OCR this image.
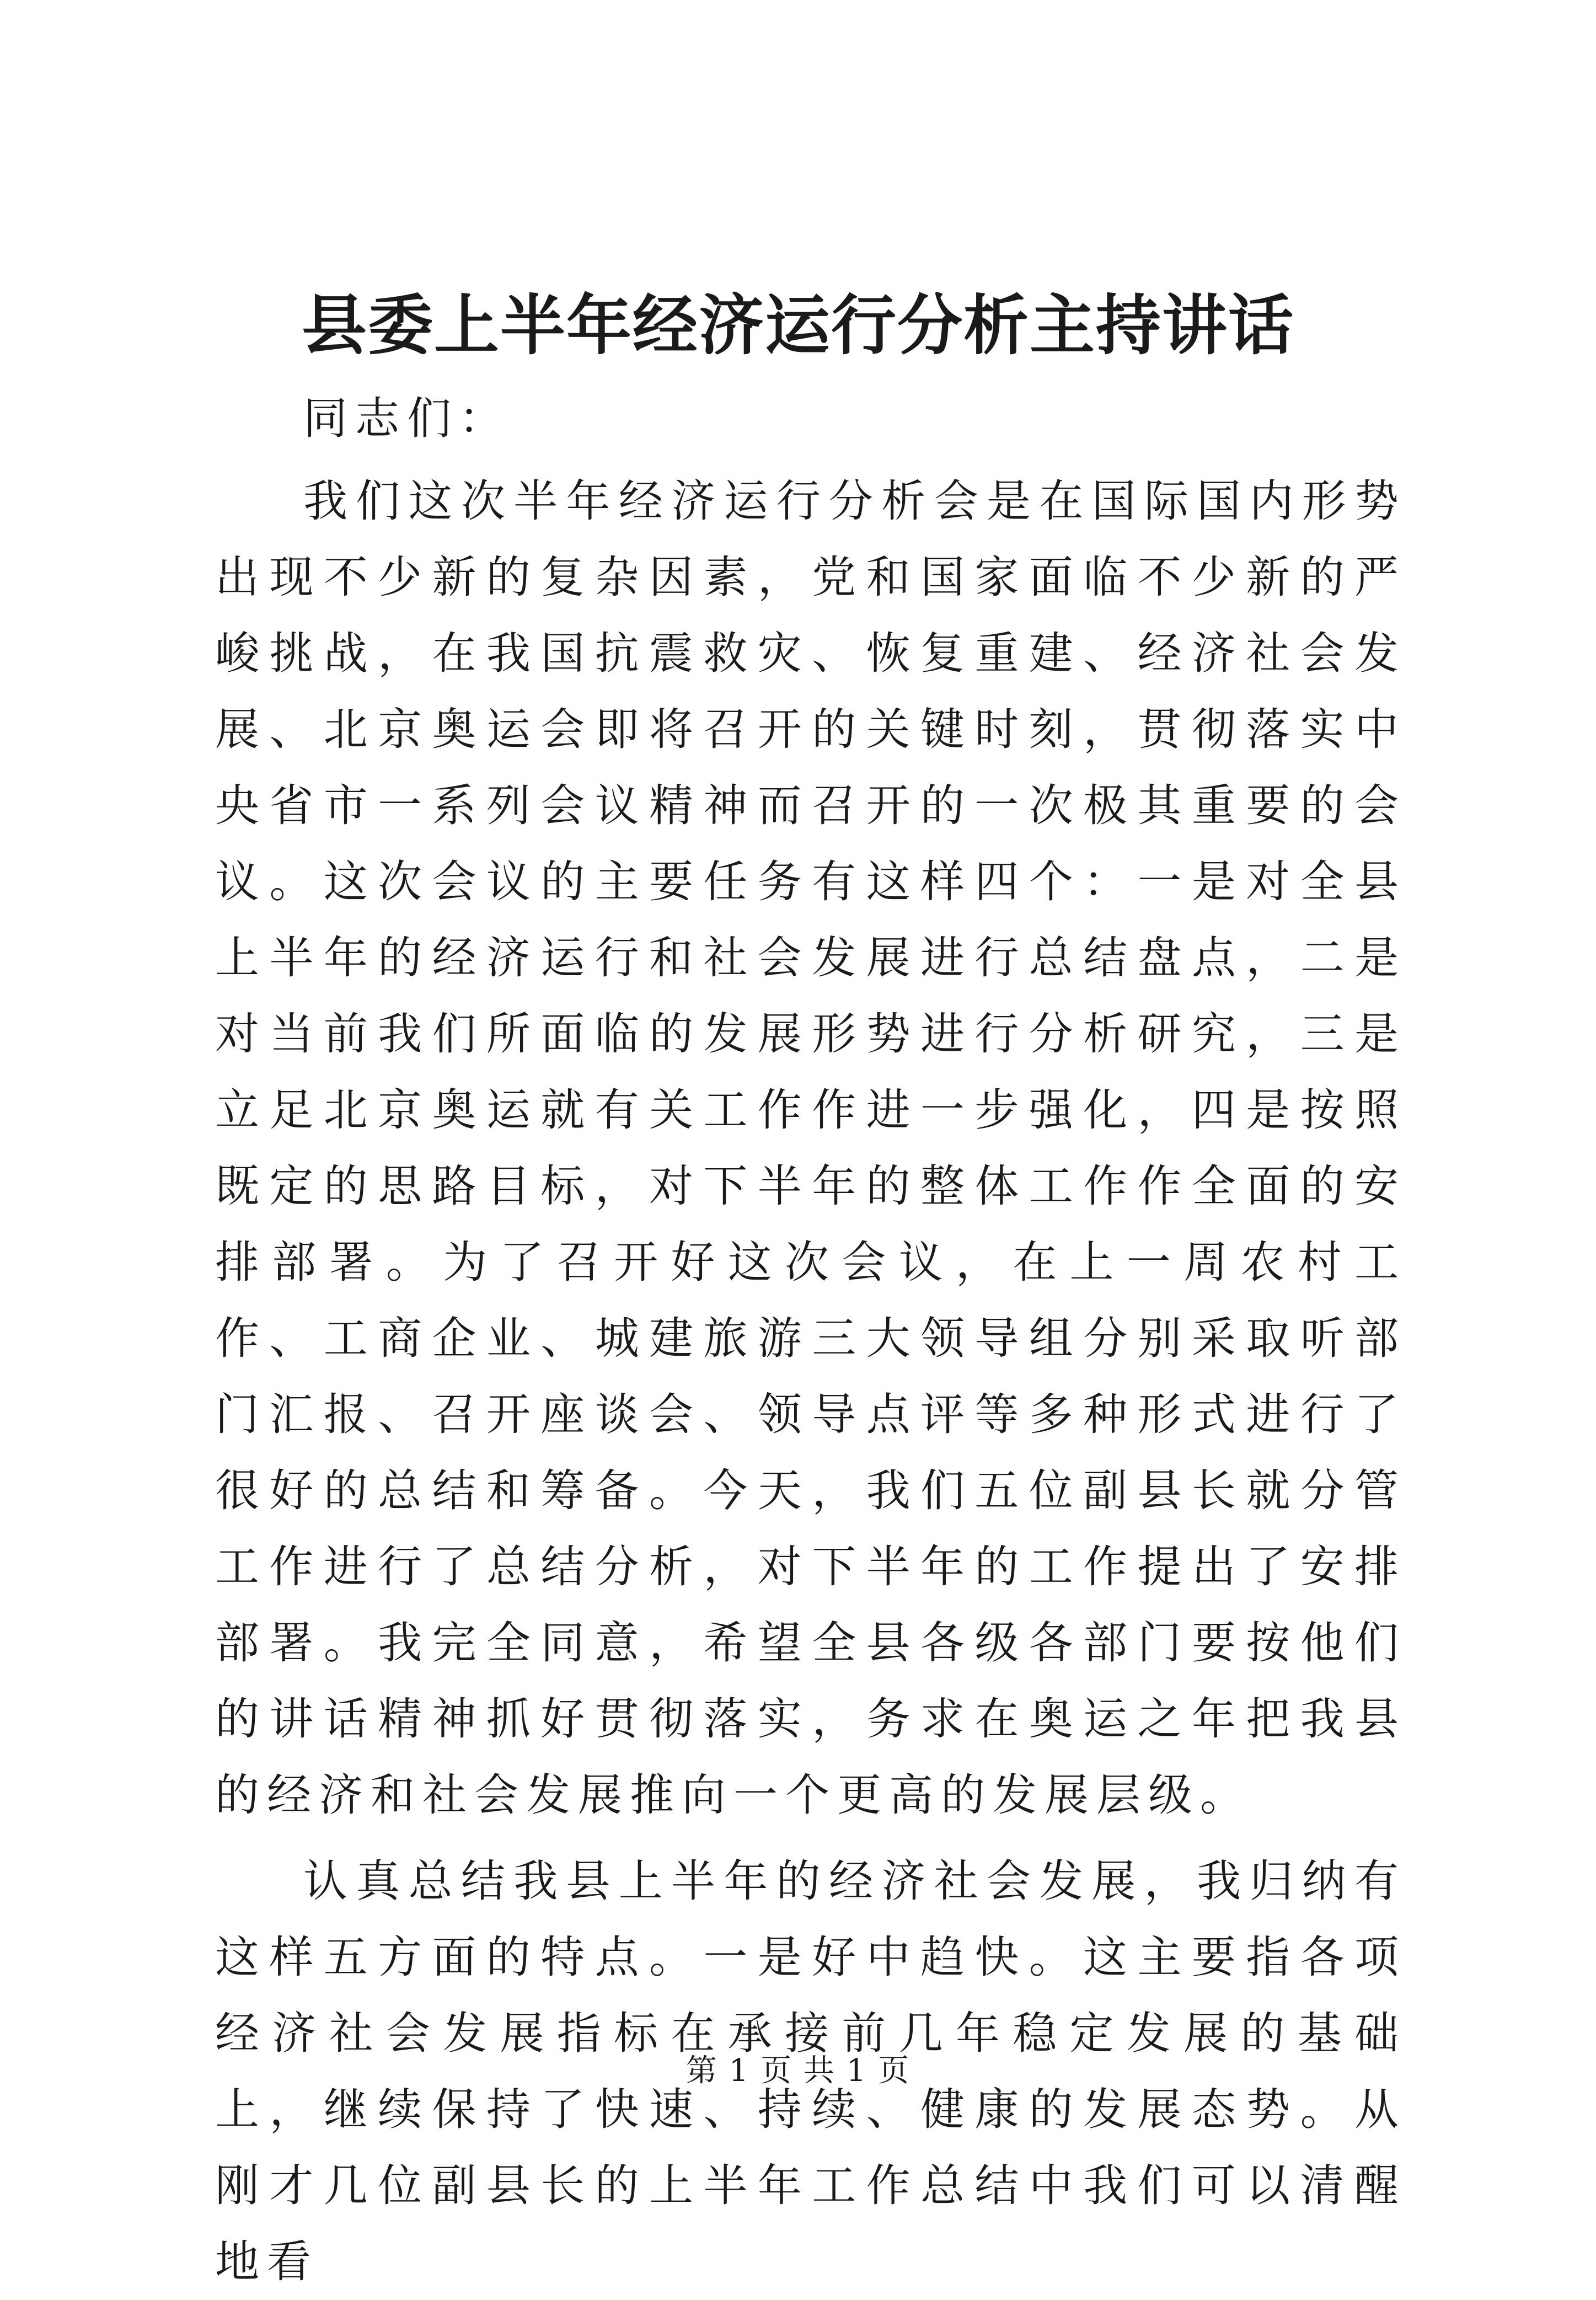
县委上半年经济运行分析主持讲话

同志们：

我们这次半年经济运行分析会是在国际国内形势出现不少新的复杂因素，党和国家面临不少新的严峻挑战，在我国抗震救灾、恢复重建、经济社会发展、北京奥运会即将召开的关键时刻，贯彻落实中央省市一系列会议精神而召开的一次极其重要的会议。这次会议的主要任务有这样四个：一是对全县上半年的经济运行和社会发展进行总结盘点，二是对当前我们所面临的发展形势进行分析研究，三是立足北京奥运就有关工作作进一步强化，四是按照既定的思路目标，对下半年的整体工作作全面的安排部署。为了召开好这次会议，在上一周农村工作、工商企业、城建旅游三大领导组分别采取听部门汇报、召开座谈会、领导点评等多种形式进行了很好的总结和筹备。今天，我们五位副县长就分管工作进行了总结分析，对下半年的工作提出了安排部署。我完全同意，希望全县各级各部门要按他们的讲话精神抓好贯彻落实，务求在奥运之年把我县的经济和社会发展推向一个更高的发展层级。

认真总结我县上半年的经济社会发展，我归纳有这样五方面的特点。一是好中趋快。这主要指各项经济社会发展指标在承接前几年稳定发展的基础上，继续保持了快速、持续、健康的发展态势。从刚才几位副县长的上半年工作总结中我们可以清醒地看

第 1 页 共 1 页
